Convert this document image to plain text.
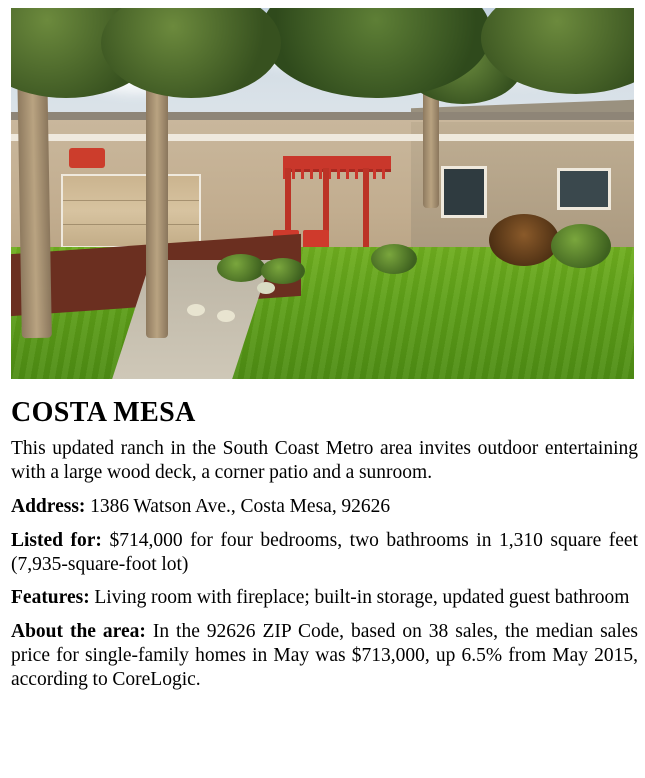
COSTA MESA

This updated ranch in the South Coast Metro area invites outdoor entertaining with a large wood deck, a corner patio and a sunroom.

Address: 1386 Watson Ave., Costa Mesa, 92626

Listed for: $714,000 for four bedrooms, two bathrooms in 1,310 square feet (7,935-square-foot lot)

Features: Living room with fireplace; built-in storage, updated guest bathroom

About the area: In the 92626 ZIP Code, based on 38 sales, the median sales price for single-family homes in May was $713,000, up 6.5% from May 2015, according to CoreLogic.
